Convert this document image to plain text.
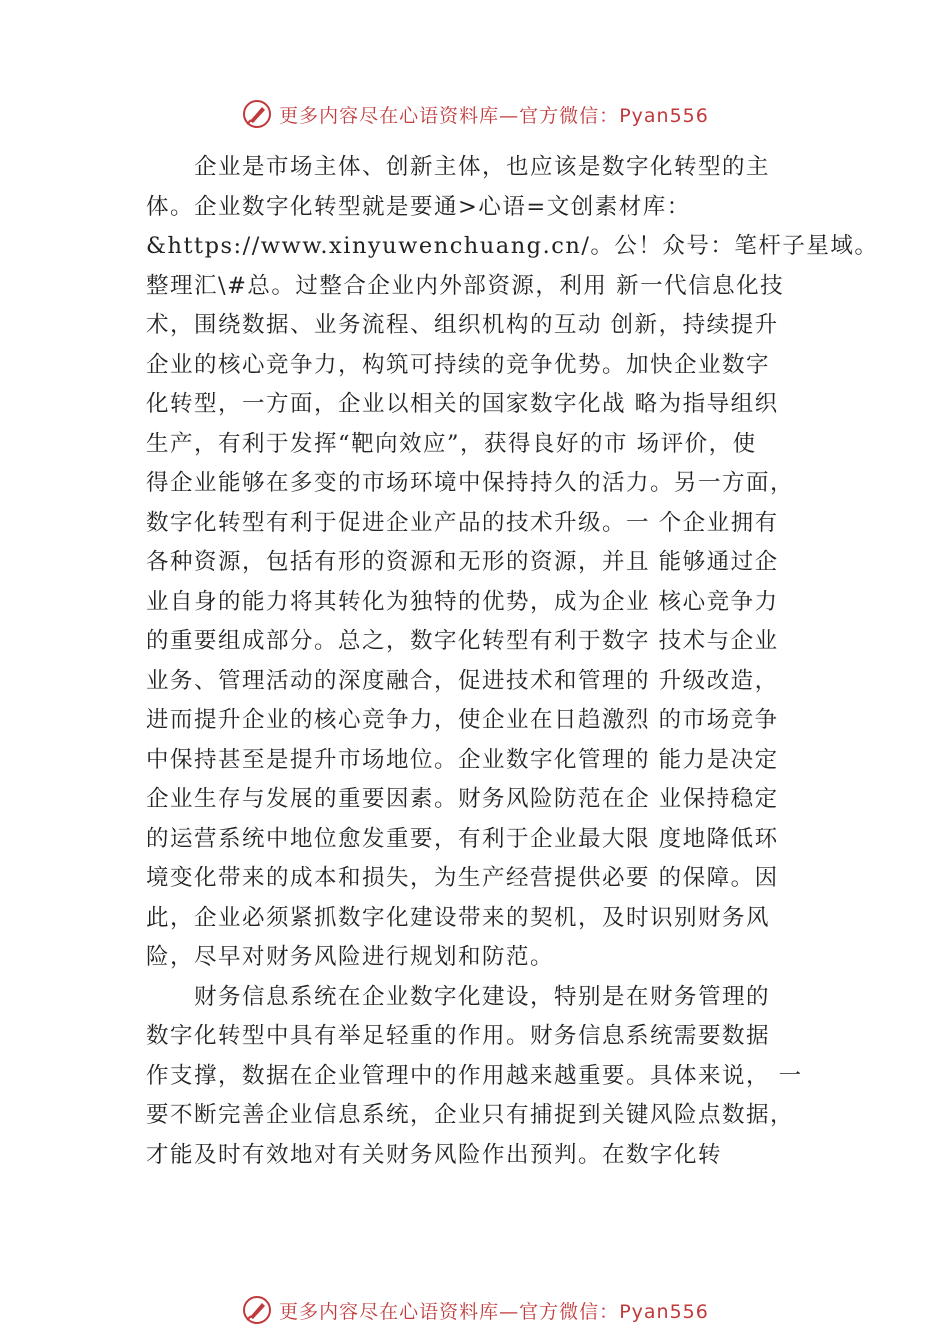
更多内容尽在心语资料库—官方微信：Pyan556
　　企业是市场主体、创新主体，也应该是数字化转型的主
体。企业数字化转型就是要通>心语=文创素材库：
&https://www.xinyuwenchuang.cn/。公！众号：笔杆子星域。
整理汇\#总。过整合企业内外部资源，利用 新一代信息化技
术，围绕数据、业务流程、组织机构的互动 创新，持续提升
企业的核心竞争力，构筑可持续的竞争优势。加快企业数字
化转型，一方面，企业以相关的国家数字化战 略为指导组织
生产，有利于发挥“靶向效应”，获得良好的市 场评价，使
得企业能够在多变的市场环境中保持持久的活力。另一方面，
数字化转型有利于促进企业产品的技术升级。一 个企业拥有
各种资源，包括有形的资源和无形的资源，并且 能够通过企
业自身的能力将其转化为独特的优势，成为企业 核心竞争力
的重要组成部分。总之，数字化转型有利于数字 技术与企业
业务、管理活动的深度融合，促进技术和管理的 升级改造，
进而提升企业的核心竞争力，使企业在日趋激烈 的市场竞争
中保持甚至是提升市场地位。企业数字化管理的 能力是决定
企业生存与发展的重要因素。财务风险防范在企 业保持稳定
的运营系统中地位愈发重要，有利于企业最大限 度地降低环
境变化带来的成本和损失，为生产经营提供必要 的保障。因
此，企业必须紧抓数字化建设带来的契机，及时识别财务风
险，尽早对财务风险进行规划和防范。
　　财务信息系统在企业数字化建设，特别是在财务管理的
数字化转型中具有举足轻重的作用。财务信息系统需要数据
作支撑，数据在企业管理中的作用越来越重要。具体来说， 一
要不断完善企业信息系统，企业只有捕捉到关键风险点数据，
才能及时有效地对有关财务风险作出预判。在数字化转
更多内容尽在心语资料库—官方微信：Pyan556
